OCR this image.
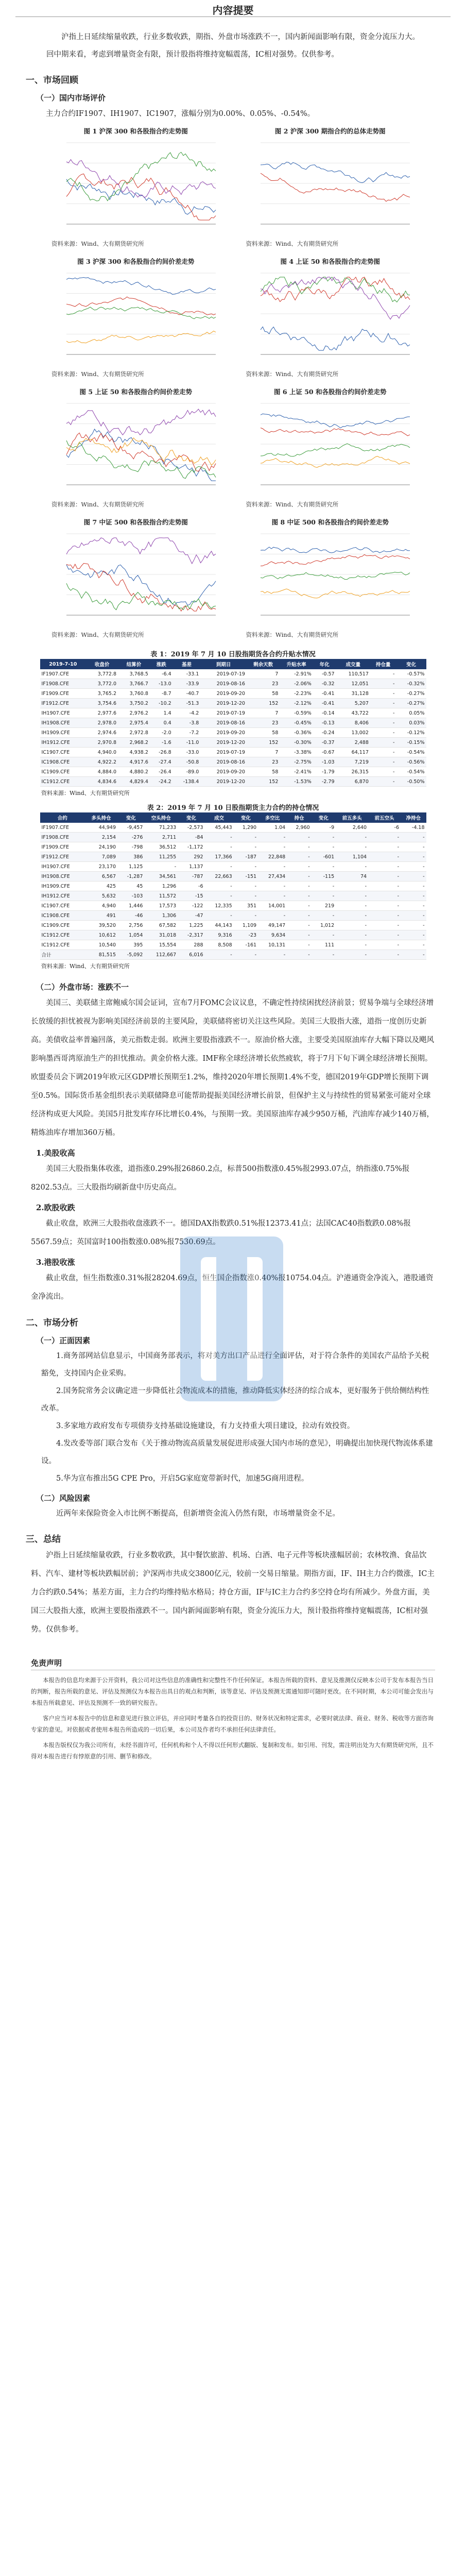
内容提要
沪指上日延续缩量收跌，行业多数收跌，期指、外盘市场涨跌不一，国内新闻面影响有限，资金分流压力大。回中期来看，考虑到增量资金有限，预计股指将维持宽幅震荡，IC相对强势。仅供参考。
一、市场回顾
（一）国内市场评价
主力合约IF1907、IH1907、IC1907，涨幅分别为0.00%、0.05%、-0.54%。
图 1 沪深 300 和各股指合约走势图
资料来源：Wind、大有期货研究所
图 2 沪深 300 期指合约的总体走势图
资料来源：Wind、大有期货研究所
图 3 沪深 300 和各股指合约间价差走势
资料来源：Wind、大有期货研究所
图 4 上证 50 和各股指合约走势图
资料来源：Wind、大有期货研究所
图 5 上证 50 和各股指合约间价差走势
资料来源：Wind、大有期货研究所
图 6 上证 50 和各股指合约间价差走势
资料来源：Wind、大有期货研究所
图 7 中证 500 和各股指合约走势图
资料来源：Wind、大有期货研究所
图 8 中证 500 和各股指合约间价差走势
资料来源：Wind、大有期货研究所
表 1：2019 年 7 月 10 日股指期货各合约升贴水情况
2019-7-10	收盘价	结算价	涨跌	基差	到期日	剩余天数	升贴水率	年化	成交量	持仓量	变化
IF1907.CFE	3,772.8	3,768.5	-6.4	-33.1	2019-07-19	7	-2.91%	-0.57	110,517	-	-0.57%
IF1908.CFE	3,772.0	3,766.7	-13.0	-33.9	2019-08-16	23	-2.06%	-0.32	12,051	-	-0.32%
IF1909.CFE	3,765.2	3,760.8	-8.7	-40.7	2019-09-20	58	-2.23%	-0.41	31,128	-	-0.27%
IF1912.CFE	3,754.6	3,750.2	-10.2	-51.3	2019-12-20	152	-2.12%	-0.41	5,207	-	-0.27%
IH1907.CFE	2,977.6	2,976.2	1.4	-4.2	2019-07-19	7	-0.59%	-0.14	43,722	-	0.05%
IH1908.CFE	2,978.0	2,975.4	0.4	-3.8	2019-08-16	23	-0.45%	-0.13	8,406	-	0.03%
IH1909.CFE	2,974.6	2,972.8	-2.0	-7.2	2019-09-20	58	-0.36%	-0.24	13,002	-	-0.12%
IH1912.CFE	2,970.8	2,968.2	-1.6	-11.0	2019-12-20	152	-0.30%	-0.37	2,488	-	-0.15%
IC1907.CFE	4,940.0	4,938.2	-26.8	-33.0	2019-07-19	7	-3.38%	-0.67	64,117	-	-0.54%
IC1908.CFE	4,922.2	4,917.6	-27.4	-50.8	2019-08-16	23	-2.75%	-1.03	7,219	-	-0.56%
IC1909.CFE	4,884.0	4,880.2	-26.4	-89.0	2019-09-20	58	-2.41%	-1.79	26,315	-	-0.54%
IC1912.CFE	4,834.6	4,829.4	-24.2	-138.4	2019-12-20	152	-1.53%	-2.79	6,870	-	-0.50%
资料来源：Wind、大有期货研究所
表 2：2019 年 7 月 10 日股指期货主力合约的持仓情况
合约	多头持仓	变化	空头持仓	变化	成交	变化	多空比	持仓	变化	前五多头	前五空头	净持仓
IF1907.CFE	44,949	-9,457	71,233	-2,573	45,443	1,290	1.04	2,960	-9	2,640	-6	-4.18
IF1908.CFE	2,154	-276	2,711	-84	-	-	-	-	-	-	-	-
IF1909.CFE	24,190	-798	36,512	-1,172	-	-	-	-	-	-	-	-
IF1912.CFE	7,089	386	11,255	292	17,366	-187	22,848	-	-601	1,104	-	-
IH1907.CFE	23,170	1,125	-	1,137	-	-	-	-	-	-	-	-
IH1908.CFE	6,567	-1,287	34,561	-787	22,663	-151	27,434	-	-115	74	-	-
IH1909.CFE	425	45	1,296	-6	-	-	-	-	-	-	-	-
IH1912.CFE	5,632	-103	11,572	-15	-	-	-	-	-	-	-	-
IC1907.CFE	4,940	1,446	17,573	-122	12,335	351	14,001	-	219	-	-	-
IC1908.CFE	491	-46	1,306	-47	-	-	-	-	-	-	-	-
IC1909.CFE	39,520	2,756	67,582	1,225	44,143	1,109	49,147	-	1,012	-	-	-
IC1912.CFE	10,612	1,054	31,018	-2,317	9,316	-23	9,634	-	-	-	-	-
IC1912.CFE	10,540	395	15,554	288	8,508	-161	10,131	-	111	-	-	-
合计	81,515	-5,092	112,667	6,016	-	-	-	-	-	-	-	-
资料来源：Wind、大有期货研究所
（二）外盘市场：涨跌不一
美国三、美联储主席鲍威尔国会证词，宣布7月FOMC会议议息，不确定性持续困扰经济前景；贸易争端与全球经济增长放缓的担忧被视为影响美国经济前景的主要风险，美联储将密切关注这些风险。美国三大股指大涨，道指一度创历史新高。美债收益率普遍回落，美元指数走弱。欧洲主要股指涨跌不一。原油价格大涨，主要受美国原油库存大幅下降以及飓风影响墨西哥湾原油生产的担忧推动。黄金价格大涨。IMF称全球经济增长依然疲软，将于7月下旬下调全球经济增长预期。欧盟委员会下调2019年欧元区GDP增长预期至1.2%，维持2020年增长预期1.4%不变，德国2019年GDP增长预期下调至0.5%。国际货币基金组织表示美联储降息可能帮助提振美国经济增长前景，但保护主义与持续性的贸易紧张可能对全球经济构成更大风险。美国5月批发库存环比增长0.4%，与预期一致。美国原油库存减少950万桶，汽油库存减少140万桶，精炼油库存增加360万桶。
1.美股收高
美国三大股指集体收涨，道指涨0.29%报26860.2点，标普500指数涨0.45%报2993.07点，纳指涨0.75%报8202.53点。三大股指均刷新盘中历史高点。
2.欧股收跌
截止收盘，欧洲三大股指收盘涨跌不一。德国DAX指数跌0.51%报12373.41点；法国CAC40指数跌0.08%报5567.59点；英国富时100指数涨0.08%报7530.69点。
3.港股收涨
截止收盘，恒生指数涨0.31%报28204.69点，恒生国企指数涨0.40%报10754.04点。沪港通资金净流入，港股通资金净流出。
二、市场分析
（一）正面因素
1.商务部网站信息显示，中国商务部表示，将对美方出口产品进行全面评估，对于符合条件的美国农产品给予关税豁免，支持国内企业采购。
2.国务院常务会议确定进一步降低社会物流成本的措施，推动降低实体经济的综合成本，更好服务于供给侧结构性改革。
3.多家地方政府发布专项债券支持基础设施建设，有力支持重大项目建设，拉动有效投资。
4.发改委等部门联合发布《关于推动物流高质量发展促进形成强大国内市场的意见》，明确提出加快现代物流体系建设。
5.华为宣布推出5G CPE Pro，开启5G家庭宽带新时代，加速5G商用进程。
（二）风险因素
近两年来保险资金入市比例不断提高，但新增资金流入仍然有限，市场增量资金不足。
三、总结
沪指上日延续缩量收跌，行业多数收跌，其中餐饮旅游、机场、白酒、电子元件等板块涨幅居前；农林牧渔、食品饮料、汽车、建材等板块跌幅居前；沪深两市共成交3800亿元，较前一交易日缩量。期指方面，IF、IH主力合约微涨，IC主力合约跌0.54%；基差方面，主力合约均维持贴水格局；持仓方面，IF与IC主力合约多空持仓均有所减少。外盘方面，美国三大股指大涨，欧洲主要股指涨跌不一。国内新闻面影响有限，资金分流压力大，预计股指将维持宽幅震荡，IC相对强势。仅供参考。
免责声明
本报告的信息均来源于公开资料，我公司对这些信息的准确性和完整性不作任何保证。本报告所载的资料、意见及推测仅反映本公司于发布本报告当日的判断，报告所载的意见、评估及预测仅为本报告出具日的观点和判断，该等意见、评估及预测无需通知即可随时更改。在不同时期，本公司可能会发出与本报告所载意见、评估及预测不一致的研究报告。
客户应当对本报告中的信息和意见进行独立评估，并应同时考量各自的投资目的、财务状况和特定需求，必要时就法律、商业、财务、税收等方面咨询专家的意见。对依据或者使用本报告所造成的一切后果，本公司及作者均不承担任何法律责任。
本报告版权仅为我公司所有，未经书面许可，任何机构和个人不得以任何形式翻版、复制和发布。如引用、刊发，需注明出处为大有期货研究所，且不得对本报告进行有悖原意的引用、删节和修改。
